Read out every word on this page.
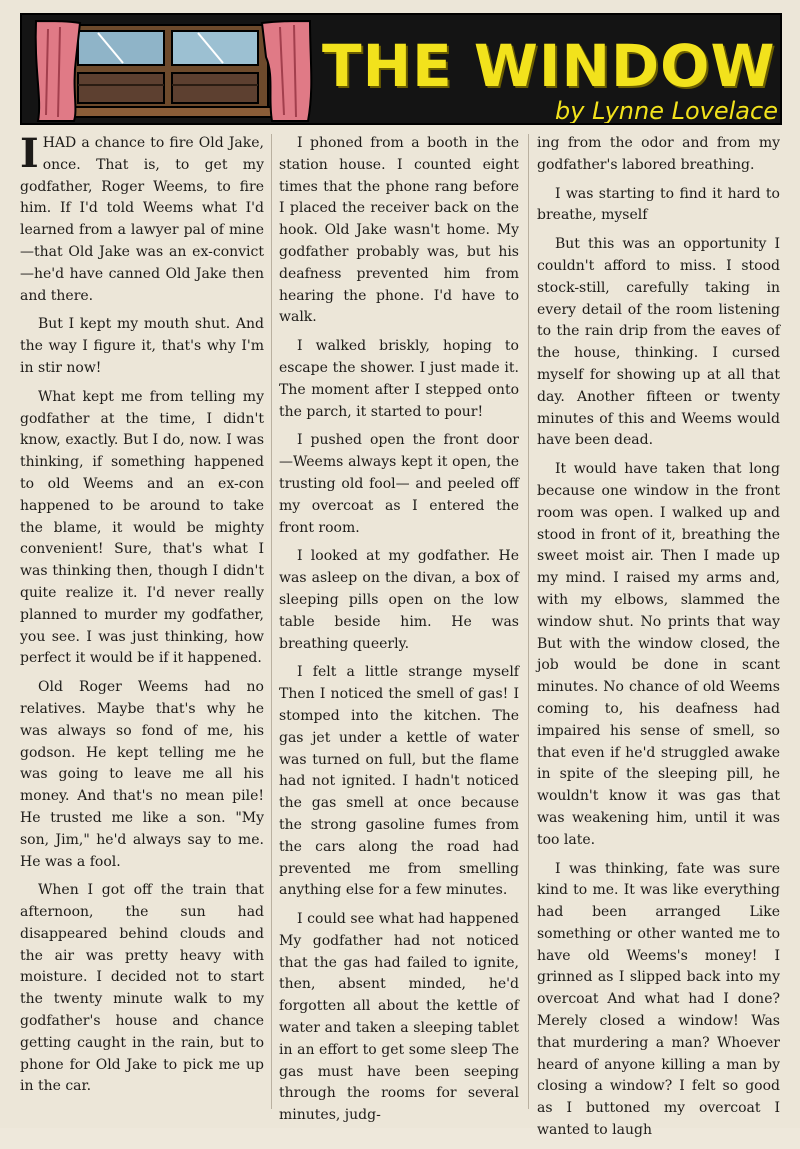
THE WINDOW
by Lynne Lovelace

IHAD a chance to fire Old Jake, once. That is, to get my godfather, Roger Weems, to fire him. If I'd told Weems what I'd learned from a lawyer pal of mine—that Old Jake was an ex-convict—he'd have canned Old Jake then and there.

But I kept my mouth shut. And the way I figure it, that's why I'm in stir now!

What kept me from telling my godfather at the time, I didn't know, exactly. But I do, now. I was thinking, if something happened to old Weems and an ex-con happened to be around to take the blame, it would be mighty convenient! Sure, that's what I was thinking then, though I didn't quite realize it. I'd never really planned to murder my godfather, you see. I was just thinking, how perfect it would be if it happened.

Old Roger Weems had no relatives. Maybe that's why he was always so fond of me, his godson. He kept telling me he was going to leave me all his money. And that's no mean pile! He trusted me like a son. "My son, Jim," he'd always say to me. He was a fool.

When I got off the train that afternoon, the sun had disappeared behind clouds and the air was pretty heavy with moisture. I decided not to start the twenty minute walk to my godfather's house and chance getting caught in the rain, but to phone for Old Jake to pick me up in the car.

I phoned from a booth in the station house. I counted eight times that the phone rang before I placed the receiver back on the hook. Old Jake wasn't home. My godfather probably was, but his deafness prevented him from hearing the phone. I'd have to walk.

I walked briskly, hoping to escape the shower. I just made it. The moment after I stepped onto the parch, it started to pour!

I pushed open the front door —Weems always kept it open, the trusting old fool— and peeled off my overcoat as I entered the front room.

I looked at my godfather. He was asleep on the divan, a box of sleeping pills open on the low table beside him. He was breathing queerly.

I felt a little strange myself Then I noticed the smell of gas! I stomped into the kitchen. The gas jet under a kettle of water was turned on full, but the flame had not ignited. I hadn't noticed the gas smell at once because the strong gasoline fumes from the cars along the road had prevented me from smelling anything else for a few minutes.

I could see what had happened My godfather had not noticed that the gas had failed to ignite, then, absent minded, he'd forgotten all about the kettle of water and taken a sleeping tablet in an effort to get some sleep The gas must have been seeping through the rooms for several minutes, judg-

ing from the odor and from my godfather's labored breathing.

I was starting to find it hard to breathe, myself

But this was an opportunity I couldn't afford to miss. I stood stock-still, carefully taking in every detail of the room listening to the rain drip from the eaves of the house, thinking. I cursed myself for showing up at all that day. Another fifteen or twenty minutes of this and Weems would have been dead.

It would have taken that long because one window in the front room was open. I walked up and stood in front of it, breathing the sweet moist air. Then I made up my mind. I raised my arms and, with my elbows, slammed the window shut. No prints that way But with the window closed, the job would be done in scant minutes. No chance of old Weems coming to, his deafness had impaired his sense of smell, so that even if he'd struggled awake in spite of the sleeping pill, he wouldn't know it was gas that was weakening him, until it was too late.

I was thinking, fate was sure kind to me. It was like everything had been arranged Like something or other wanted me to have old Weems's money! I grinned as I slipped back into my overcoat And what had I done? Merely closed a window! Was that murdering a man? Whoever heard of anyone killing a man by closing a window? I felt so good as I buttoned my overcoat I wanted to laugh
